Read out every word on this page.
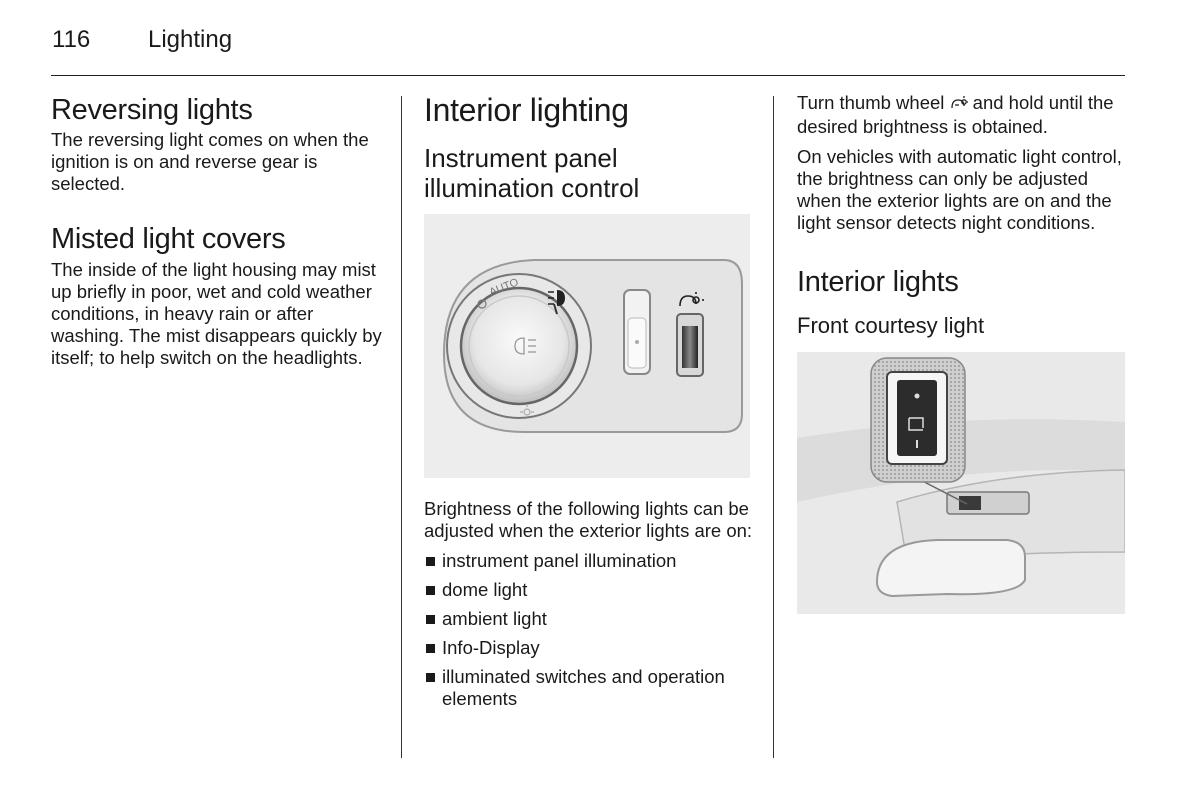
116 Lighting
Reversing lights

The reversing light comes on when the ignition is on and reverse gear is selected.

Misted light covers

The inside of the light housing may mist up briefly in poor, wet and cold weather conditions, in heavy rain or after washing. The mist disappears quickly by itself; to help switch on the headlights.

Interior lighting
Instrument panel illumination control
AUTO

Brightness of the following lights can be adjusted when the exterior lights are on:

instrument panel illumination
dome light
ambient light
Info-Display
illuminated switches and operation elements

Turn thumb wheel and hold until the desired brightness is obtained.

On vehicles with automatic light control, the brightness can only be adjusted when the exterior lights are on and the light sensor detects night conditions.

Interior lights
Front courtesy light
